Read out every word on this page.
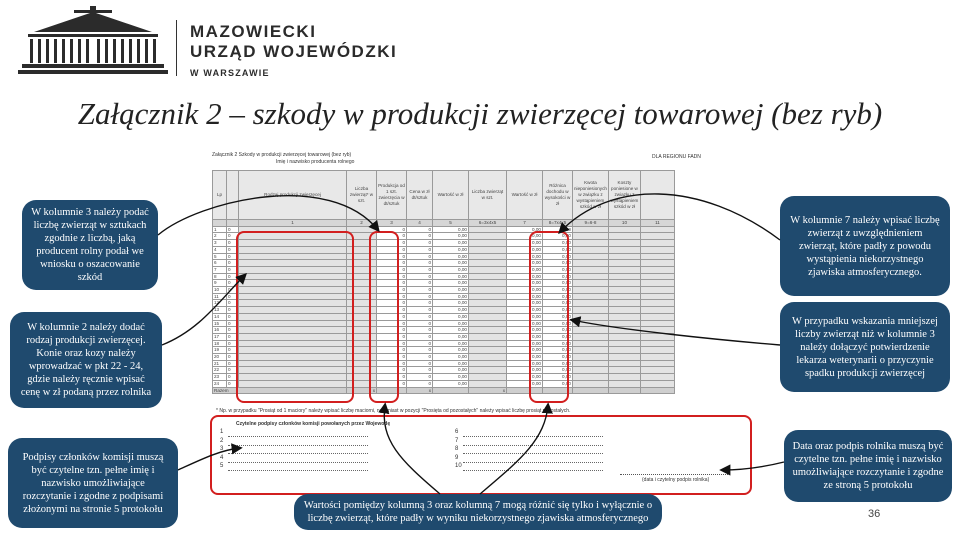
MAZOWIECKI
URZĄD WOJEWÓDZKI
W WARSZAWIE
Załącznik 2 – szkody w produkcji zwierzęcej towarowej (bez ryb)
Załącznik 2 Szkody w produkcji zwierzęcej towarowej (bez ryb)
Imię i nazwisko producenta rolnego
DLA REGIONU FADN
Lp		Rodzaj produkcji zwierzęcej	Liczba zwierząt* w szt.	Produkcja od 1 szt. zwierzęcia w dt/sztuk	Cena w zł dt/sztuk	Wartość w zł	Liczba zwierząt w szt.	Wartość w zł	Różnica dochodu w wysokości w zł	Kwota nieponiesionych w związku z wystąpieniem szkód w zł	Koszty poniesione w związku z wystąpieniem szkód w zł	
		1	2	3	4	5	6=3x4x5	7	8=7x4x5	9=6-8	10	11
1	0			0	0	0,00		0,00	0,00			
2	0			0	0	0,00		0,00	0,00			
3	0			0	0	0,00		0,00	0,00			
4	0			0	0	0,00		0,00	0,00			
5	0			0	0	0,00		0,00	0,00			
6	0			0	0	0,00		0,00	0,00			
7	0			0	0	0,00		0,00	0,00			
8	0			0	0	0,00		0,00	0,00			
9	0			0	0	0,00		0,00	0,00			
10	0			0	0	0,00		0,00	0,00			
11	0			0	0	0,00		0,00	0,00			
12	0			0	0	0,00		0,00	0,00			
13	0			0	0	0,00		0,00	0,00			
14	0			0	0	0,00		0,00	0,00			
15	0			0	0	0,00		0,00	0,00			
16	0			0	0	0,00		0,00	0,00			
17	0			0	0	0,00		0,00	0,00			
18	0			0	0	0,00		0,00	0,00			
19	0			0	0	0,00		0,00	0,00			
20	0			0	0	0,00		0,00	0,00			
21	0			0	0	0,00		0,00	0,00			
22	0			0	0	0,00		0,00	0,00			
23	0			0	0	0,00		0,00	0,00			
24	0			0	0	0,00		0,00	0,00			
Razem			x		x		x					
* Np. w przypadku "Prosiąt od 1 maciory" należy wpisać liczbę maciorni, natomiast w pozycji "Prosięta od pozostałych" należy wpisać liczbę prosiąt pozostałych.
Czytelne podpisy członków komisji powołanych przez Wojewodę
1
2
3
4
5
6
7
8
9
10
(data i czytelny podpis rolnika)
W kolumnie 3 należy podać liczbę zwierząt w sztukach zgodnie z liczbą, jaką producent rolny podał we wniosku o oszacowanie szkód
W kolumnie 2 należy dodać rodzaj produkcji zwierzęcej. Konie oraz kozy należy wprowadzać w pkt 22 - 24, gdzie należy ręcznie wpisać cenę w zł podaną przez rolnika
Podpisy członków komisji muszą być czytelne tzn. pełne imię i nazwisko umożliwiające rozczytanie i zgodne z podpisami złożonymi na stronie 5 protokołu
W kolumnie 7 należy wpisać liczbę zwierząt z uwzględnieniem zwierząt, które padły z powodu wystąpienia niekorzystnego zjawiska atmosferycznego.
W przypadku wskazania mniejszej liczby zwierząt niż w kolumnie 3 należy dołączyć potwierdzenie lekarza weterynarii o przyczynie spadku produkcji zwierzęcej
Data oraz podpis rolnika muszą być czytelne tzn. pełne imię i nazwisko umożliwiające rozczytanie i zgodne ze stroną 5 protokołu
Wartości pomiędzy kolumną 3 oraz kolumną 7 mogą różnić się tylko i wyłącznie o liczbę zwierząt, które padły w wyniku niekorzystnego zjawiska atmosferycznego	36
